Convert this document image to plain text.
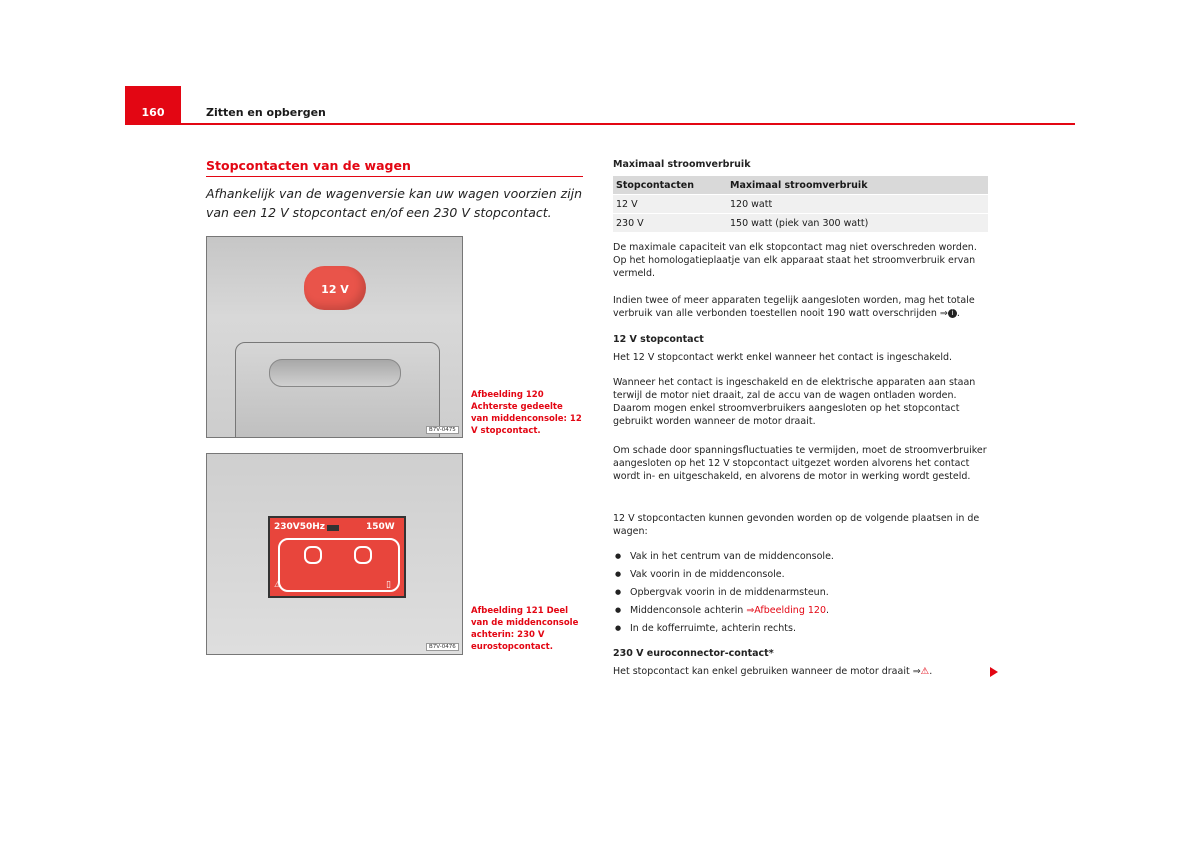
160	Zitten en opbergen
Stopcontacten van de wagen
Afhankelijk van de wagenversie kan uw wagen voorzien zijn van een 12 V stopcontact en/of een 230 V stopcontact.
12 V
B7V-0475
Afbeelding 120 Achterste gedeelte van middenconsole: 12 V stopcontact.
230V50Hz	150W
⚠	▯
B7V-0476
Afbeelding 121 Deel van de middenconsole achterin: 230 V eurostopcontact.
Maximaal stroomverbruik
Stopcontacten	Maximaal stroomverbruik
12 V	120 watt
230 V	150 watt (piek van 300 watt)
De maximale capaciteit van elk stopcontact mag niet overschreden worden. Op het homologatieplaatje van elk apparaat staat het stroomverbruik ervan vermeld.
Indien twee of meer apparaten tegelijk aangesloten worden, mag het totale verbruik van alle verbonden toestellen nooit 190 watt overschrijden ⇒ i .
12 V stopcontact
Het 12 V stopcontact werkt enkel wanneer het contact is ingeschakeld.
Wanneer het contact is ingeschakeld en de elektrische apparaten aan staan terwijl de motor niet draait, zal de accu van de wagen ontladen worden. Daarom mogen enkel stroomverbruikers aangesloten op het stopcontact gebruikt worden wanneer de motor draait.
Om schade door spanningsfluctuaties te vermijden, moet de stroomverbruiker aangesloten op het 12 V stopcontact uitgezet worden alvorens het contact wordt in- en uitgeschakeld, en alvorens de motor in werking wordt gesteld.
12 V stopcontacten kunnen gevonden worden op de volgende plaatsen in de wagen:
● Vak in het centrum van de middenconsole.
● Vak voorin in de middenconsole.
● Opbergvak voorin in de middenarmsteun.
● Middenconsole achterin ⇒Afbeelding 120.
● In de kofferruimte, achterin rechts.
230 V euroconnector-contact*
Het stopcontact kan enkel gebruiken wanneer de motor draait ⇒⚠.
